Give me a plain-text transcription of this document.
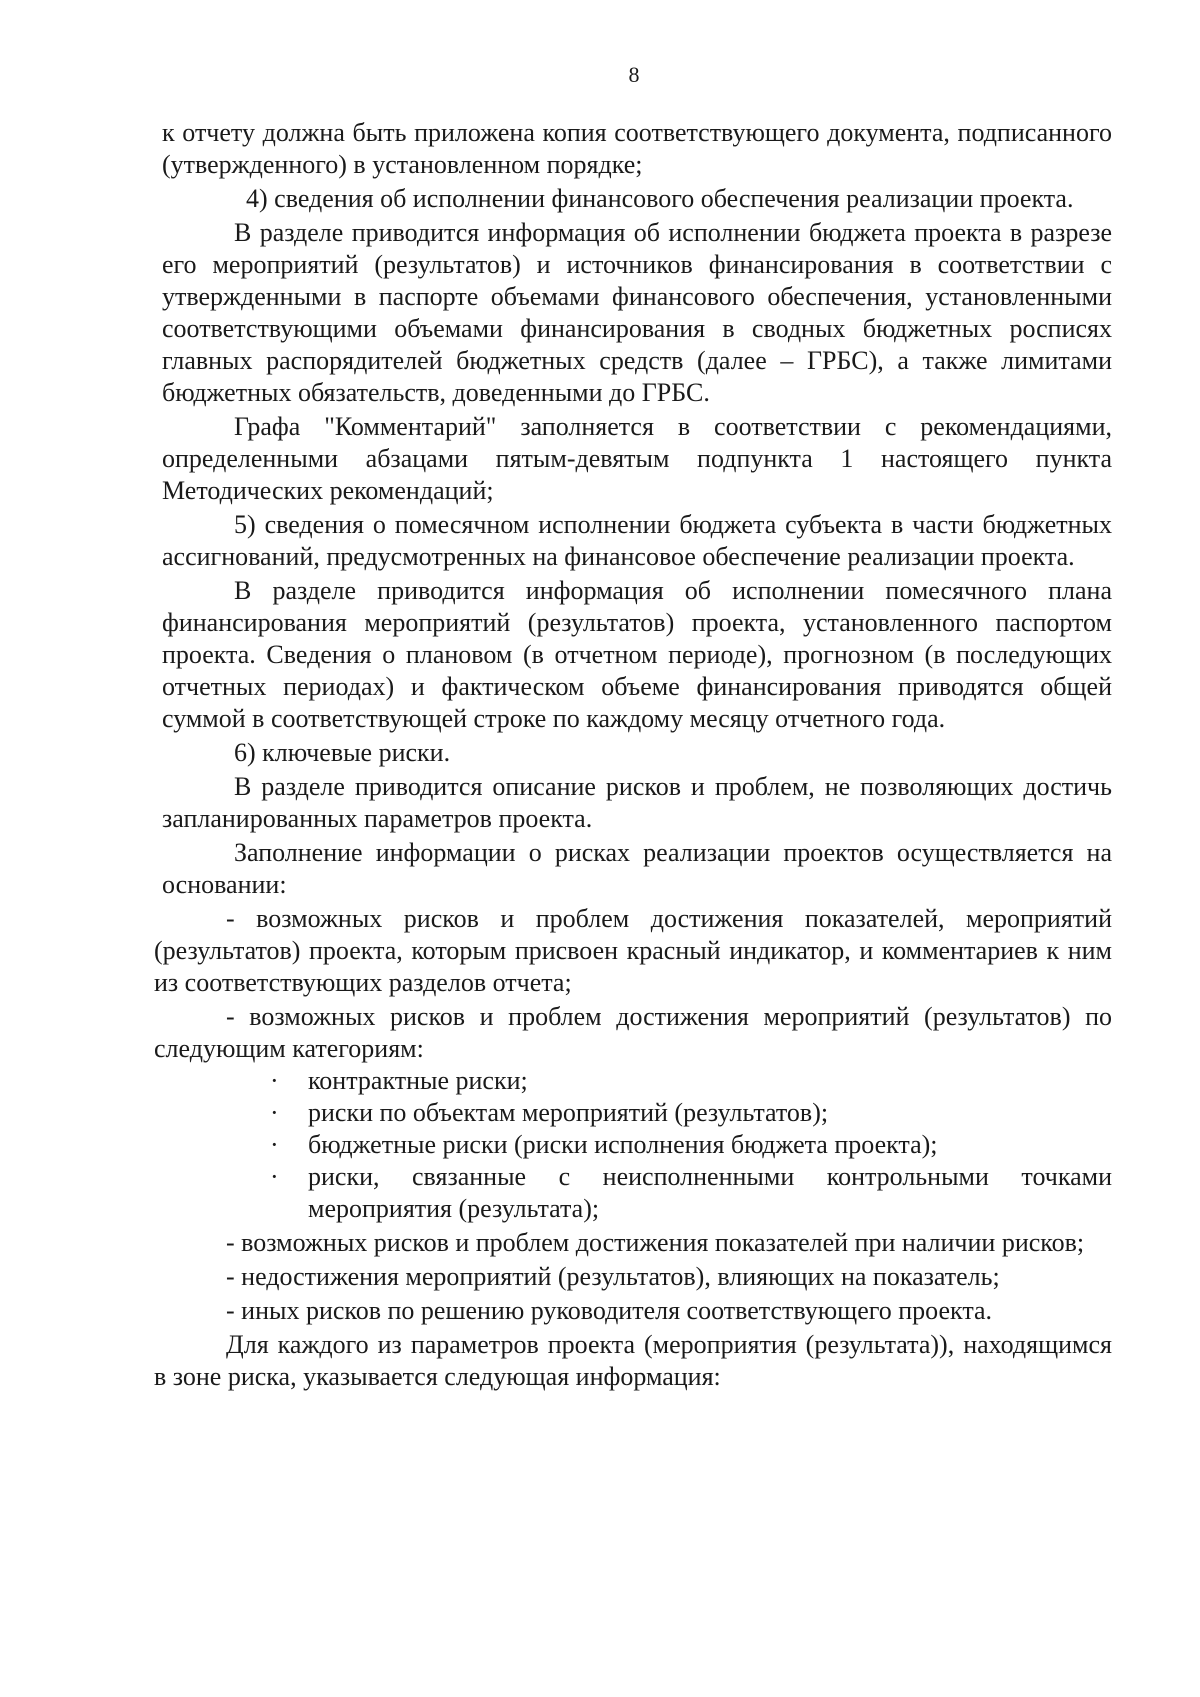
8

к отчету должна быть приложена копия соответствующего документа, подписанного (утвержденного) в установленном порядке;

4) сведения об исполнении финансового обеспечения реализации проекта.

В разделе приводится информация об исполнении бюджета проекта в разрезе его мероприятий (результатов) и источников финансирования в соответствии с утвержденными в паспорте объемами финансового обеспечения, установленными соответствующими объемами финансирования в сводных бюджетных росписях главных распорядителей бюджетных средств (далее – ГРБС), а также лимитами бюджетных обязательств, доведенными до ГРБС.

Графа "Комментарий" заполняется в соответствии с рекомендациями, определенными абзацами пятым-девятым подпункта 1 настоящего пункта Методических рекомендаций;

5) сведения о помесячном исполнении бюджета субъекта в части бюджетных ассигнований, предусмотренных на финансовое обеспечение реализации проекта.

В разделе приводится информация об исполнении помесячного плана финансирования мероприятий (результатов) проекта, установленного паспортом проекта. Сведения о плановом (в отчетном периоде), прогнозном (в последующих отчетных периодах) и фактическом объеме финансирования приводятся общей суммой в соответствующей строке по каждому месяцу отчетного года.

6) ключевые риски.

В разделе приводится описание рисков и проблем, не позволяющих достичь запланированных параметров проекта.

Заполнение информации о рисках реализации проектов осуществляется на основании:

- возможных рисков и проблем достижения показателей, мероприятий (результатов) проекта, которым присвоен красный индикатор, и комментариев к ним из соответствующих разделов отчета;

- возможных рисков и проблем достижения мероприятий (результатов) по следующим категориям:

· контрактные риски;
· риски по объектам мероприятий (результатов);
· бюджетные риски (риски исполнения бюджета проекта);
· риски, связанные с неисполненными контрольными точками мероприятия (результата);

- возможных рисков и проблем достижения показателей при наличии рисков;

- недостижения мероприятий (результатов), влияющих на показатель;

- иных рисков по решению руководителя соответствующего проекта.

Для каждого из параметров проекта (мероприятия (результата)), находящимся в зоне риска, указывается следующая информация:
